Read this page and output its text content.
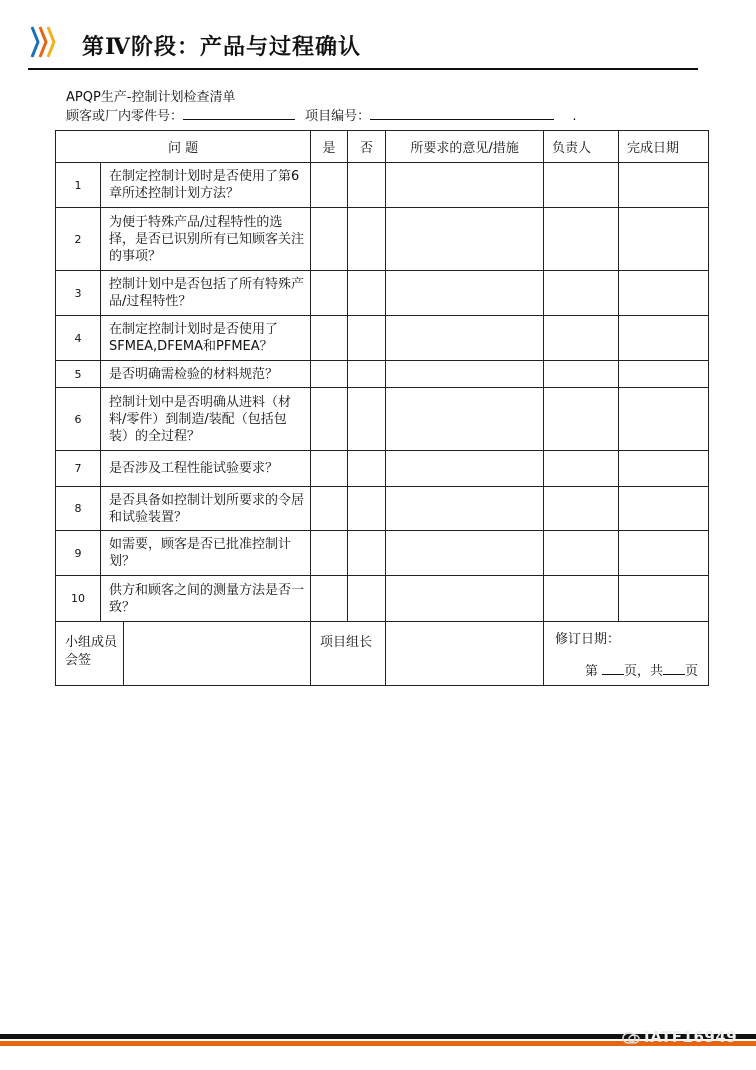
第Ⅳ阶段：产品与过程确认
APQP生产-控制计划检查清单
顾客或厂内零件号：	项目编号：	.
问 题			是	否	所要求的意见/措施	负责人	完成日期
1	在制定控制计划时是否使用了第6章所述控制计划方法？						
2	为便于特殊产品/过程特性的选择，是否已识别所有已知顾客关注的事项？						
3	控制计划中是否包括了所有特殊产品/过程特性？						
4	在制定控制计划时是否使用了SFMEA,DFEMA和PFMEA？						
5	是否明确需检验的材料规范？						
6	控制计划中是否明确从进料（材料/零件）到制造/装配（包括包装）的全过程？						
7	是否涉及工程性能试验要求？						
8	是否具备如控制计划所要求的令居和试验装置？						
9	如需要，顾客是否已批准控制计划？						
10	供方和顾客之间的测量方法是否一致？						
小组成员会签			项目组长			修订日期：
第 页，共 页	
IATF16949
